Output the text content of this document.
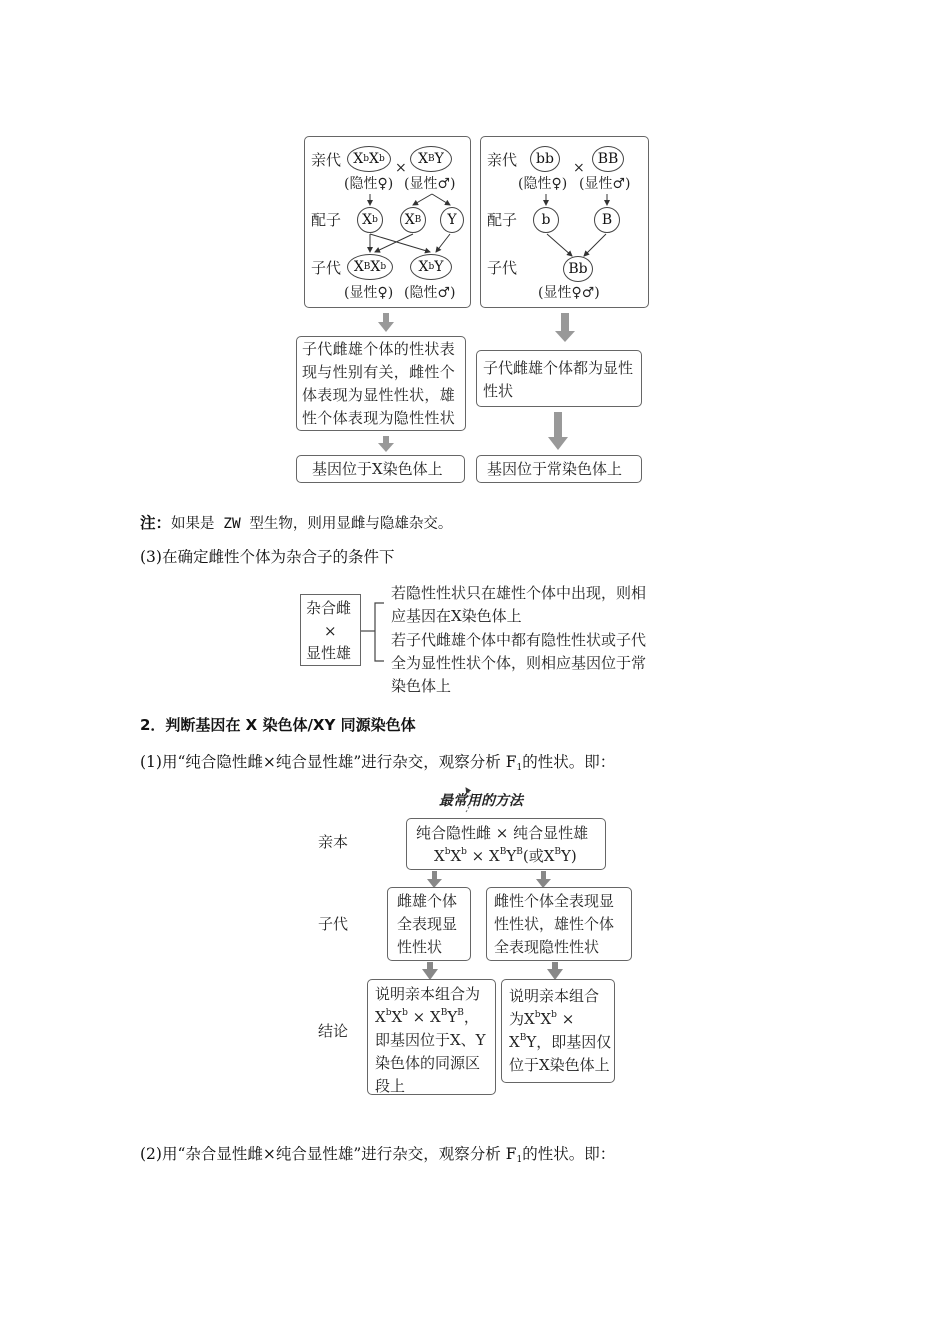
亲代 X b X b
×
X B Y
(隐性♀) (显性♂)
配子 X b X B Y
子代 X B X b X b Y
(显性♀) (隐性♂)
亲代	bb
×
BB
(隐性♀) (显性♂)
配子	b	B
子代	Bb
(显性♀♂)
子代雌雄个体的性状表现与性别有关，雌性个体表现为显性性状，雄性个体表现为隐性性状
子代雌雄个体都为显性性状
基因位于X染色体上	基因位于常染色体上
注：如果是 ZW 型生物，则用显雌与隐雄杂交。
(3)在确定雌性个体为杂合子的条件下
杂合雌
×
显性雄
若隐性性状只在雄性个体中出现，则相应基因在X染色体上
若子代雌雄个体中都有隐性性状或子代全为显性性状个体，则相应基因位于常染色体上
2．判断基因在 X 染色体/XY 同源染色体
(1)用“纯合隐性雌×纯合显性雄”进行杂交，观察分析 $F_1$的性状。即：
最常用的方法
亲本
子代
结论
纯合隐性雌 × 纯合显性雄
$X^bX^b \times X^BY^B$(或$X^BY$)
雌雄个体全表现显性性状
雌性个体全表现显性性状，雄性个体全表现隐性性状
说明亲本组合为$X^bX^b \times X^BY^B$，即基因位于X、Y染色体的同源区段上
说明亲本组合为$X^bX^b \times X^BY$，即基因仅位于X染色体上
(2)用“杂合显性雌×纯合显性雄”进行杂交，观察分析 $F_1$的性状。即：
